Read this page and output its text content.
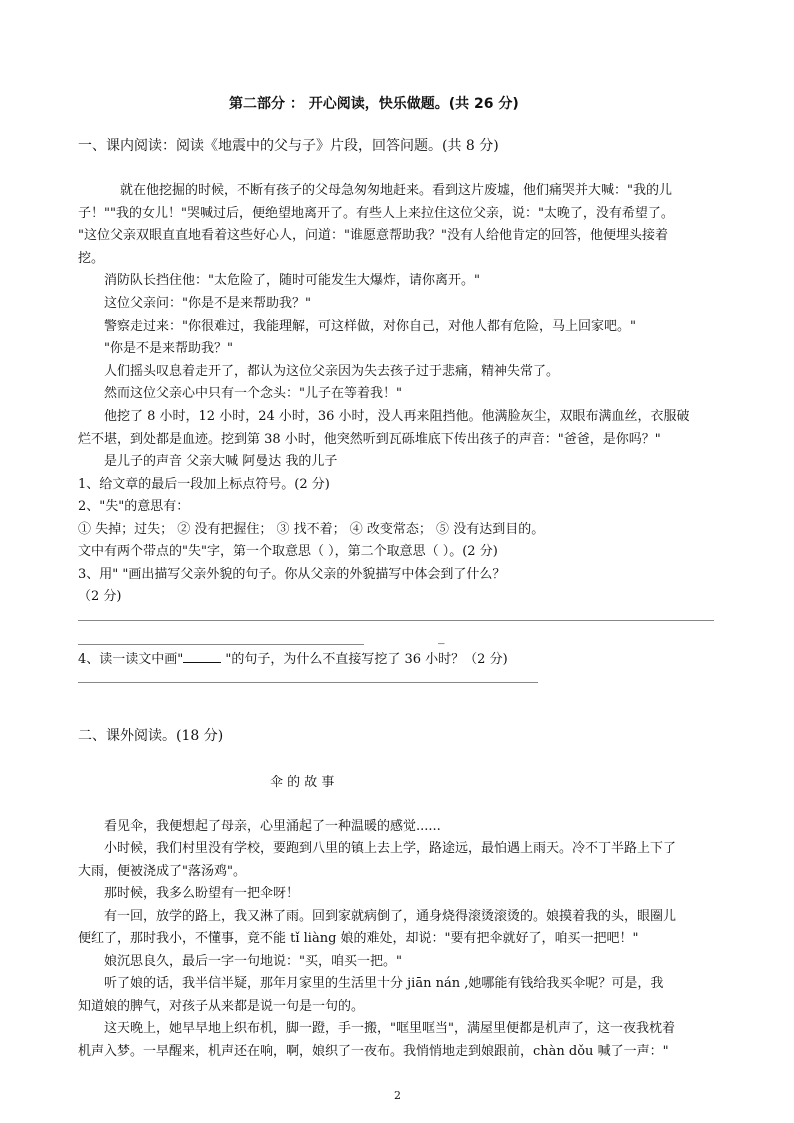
第二部分 ： 开心阅读，快乐做题。(共 26 分)
一、课内阅读：阅读《地震中的父与子》片段，回答问题。(共 8 分)
就在他挖掘的时候，不断有孩子的父母急匆匆地赶来。看到这片废墟，他们痛哭并大喊："我的儿
子！""我的女儿！"哭喊过后，便绝望地离开了。有些人上来拉住这位父亲，说："太晚了，没有希望了。
"这位父亲双眼直直地看着这些好心人，问道："谁愿意帮助我？"没有人给他肯定的回答，他便埋头接着
挖。
消防队长挡住他："太危险了，随时可能发生大爆炸，请你离开。"
这位父亲问："你是不是来帮助我？"
警察走过来："你很难过，我能理解，可这样做，对你自己，对他人都有危险，马上回家吧。"
"你是不是来帮助我？"
人们摇头叹息着走开了，都认为这位父亲因为失去孩子过于悲痛，精神失常了。
然而这位父亲心中只有一个念头："儿子在等着我！"
他挖了 8 小时，12 小时，24 小时，36 小时，没人再来阻挡他。他满脸灰尘，双眼布满血丝，衣服破
烂不堪，到处都是血迹。挖到第 38 小时，他突然听到瓦砾堆底下传出孩子的声音："爸爸，是你吗？"
是儿子的声音 父亲大喊 阿曼达 我的儿子
1、给文章的最后一段加上标点符号。(2 分)
2、"失"的意思有：
① 失掉；过失； ② 没有把握住； ③ 找不着； ④ 改变常态； ⑤ 没有达到目的。
文中有两个带点的"失"字，第一个取意思（ ），第二个取意思（ ）。(2 分)
3、用" "画出描写父亲外貌的句子。你从父亲的外貌描写中体会到了什么？
（2 分)
_
4、读一读文中画"	"的句子，为什么不直接写挖了 36 小时？（2 分)
二、课外阅读。(18 分)
伞 的 故 事
看见伞，我便想起了母亲，心里涌起了一种温暖的感觉......
小时候，我们村里没有学校，要跑到八里的镇上去上学，路途远，最怕遇上雨天。冷不丁半路上下了
大雨，便被浇成了"落汤鸡"。
那时候，我多么盼望有一把伞呀！
有一回，放学的路上，我又淋了雨。回到家就病倒了，通身烧得滚烫滚烫的。娘摸着我的头，眼圈儿
便红了，那时我小，不懂事，竟不能 tǐ liàng 娘的难处，却说："要有把伞就好了，咱买一把吧！"
娘沉思良久，最后一字一句地说："买，咱买一把。"
听了娘的话，我半信半疑，那年月家里的生活里十分 jiān nán ,她哪能有钱给我买伞呢？可是，我
知道娘的脾气，对孩子从来都是说一句是一句的。
这天晚上，她早早地上织布机，脚一蹬，手一搬，"哐里哐当"，满屋里便都是机声了，这一夜我枕着
机声入梦。一早醒来，机声还在响，啊，娘织了一夜布。我悄悄地走到娘跟前，chàn dǒu 喊了一声："
2
